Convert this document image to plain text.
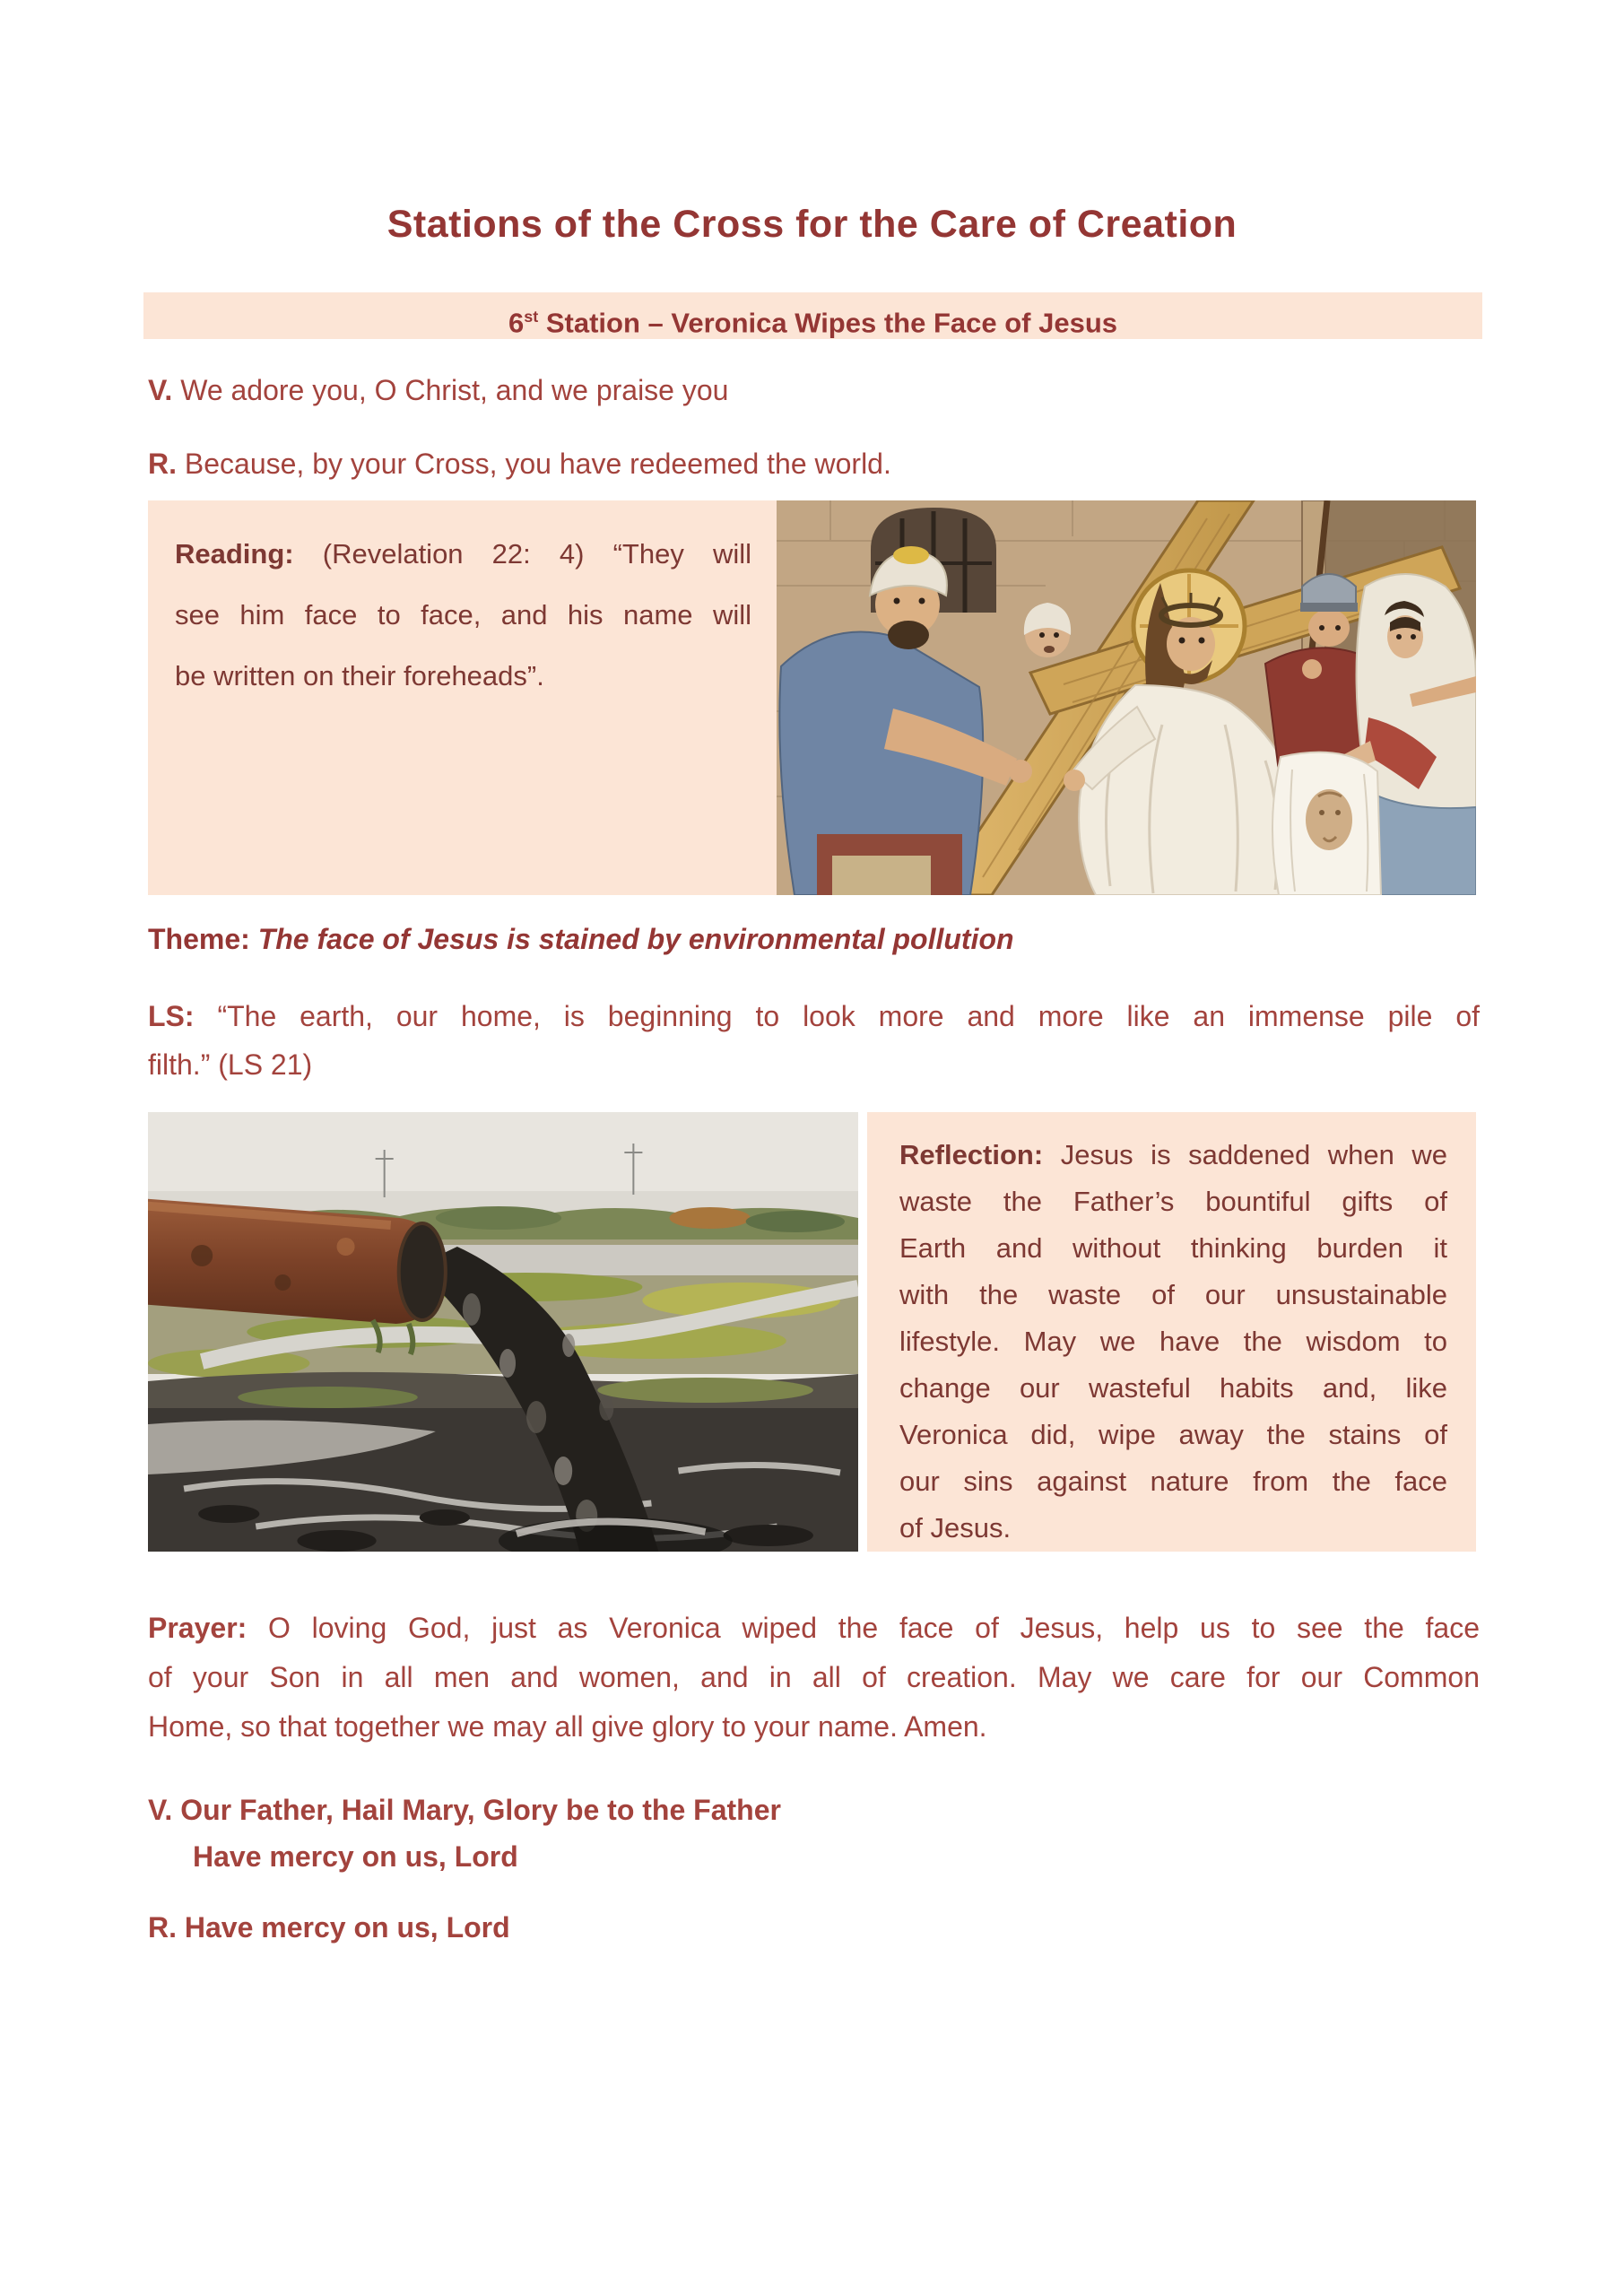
Stations of the Cross for the Care of Creation
6st Station – Veronica Wipes the Face of Jesus
V. We adore you, O Christ, and we praise you
R. Because, by your Cross, you have redeemed the world.
Reading: (Revelation 22: 4) “They will
see him face to face, and his name will
be written on their foreheads”.
Theme: The face of Jesus is stained by environmental pollution
LS: “The earth, our home, is beginning to look more and more like an immense pile of
filth.” (LS 21)
Reflection: Jesus is saddened when we
waste the Father’s bountiful gifts of
Earth and without thinking burden it
with the waste of our unsustainable
lifestyle. May we have the wisdom to
change our wasteful habits and, like
Veronica did, wipe away the stains of
our sins against nature from the face
of Jesus.
Prayer: O loving God, just as Veronica wiped the face of Jesus, help us to see the face
of your Son in all men and women, and in all of creation. May we care for our Common
Home, so that together we may all give glory to your name. Amen.
V. Our Father, Hail Mary, Glory be to the Father
Have mercy on us, Lord
R. Have mercy on us, Lord
